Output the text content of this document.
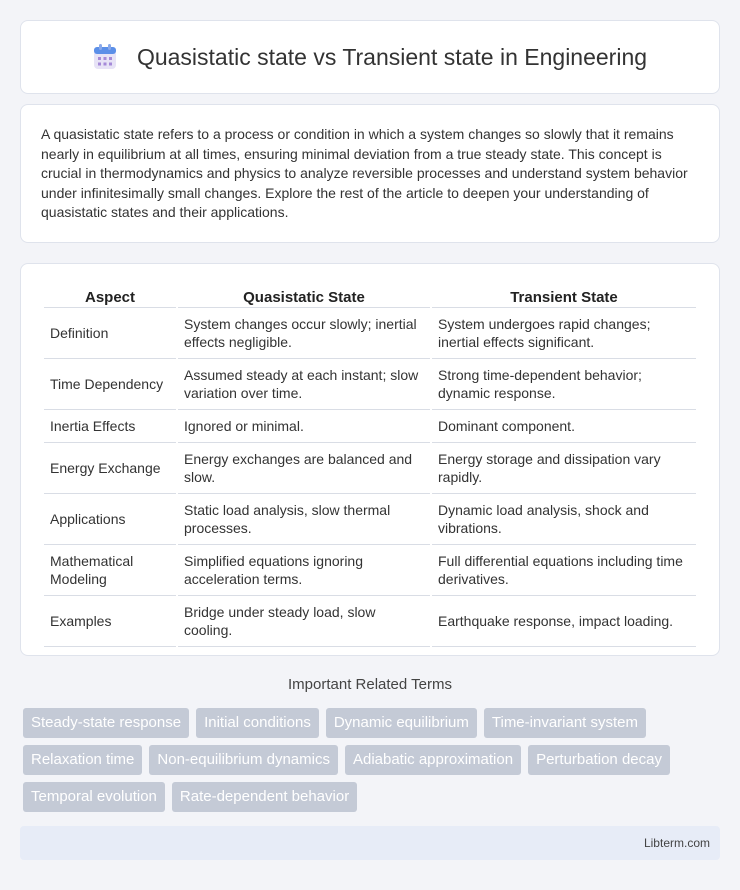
Quasistatic state vs Transient state in Engineering

A quasistatic state refers to a process or condition in which a system changes so slowly that it remains nearly in equilibrium at all times, ensuring minimal deviation from a true steady state. This concept is crucial in thermodynamics and physics to analyze reversible processes and understand system behavior under infinitesimally small changes. Explore the rest of the article to deepen your understanding of quasistatic states and their applications.

Aspect	Quasistatic State	Transient State
Definition	System changes occur slowly; inertial effects negligible.	System undergoes rapid changes; inertial effects significant.
Time Dependency	Assumed steady at each instant; slow variation over time.	Strong time-dependent behavior; dynamic response.
Inertia Effects	Ignored or minimal.	Dominant component.
Energy Exchange	Energy exchanges are balanced and slow.	Energy storage and dissipation vary rapidly.
Applications	Static load analysis, slow thermal processes.	Dynamic load analysis, shock and vibrations.
Mathematical Modeling	Simplified equations ignoring acceleration terms.	Full differential equations including time derivatives.
Examples	Bridge under steady load, slow cooling.	Earthquake response, impact loading.
Important Related Terms
Steady-state response	Initial conditions	Dynamic equilibrium	Time-invariant system
Relaxation time	Non-equilibrium dynamics	Adiabatic approximation	Perturbation decay
Temporal evolution	Rate-dependent behavior
Libterm.com
